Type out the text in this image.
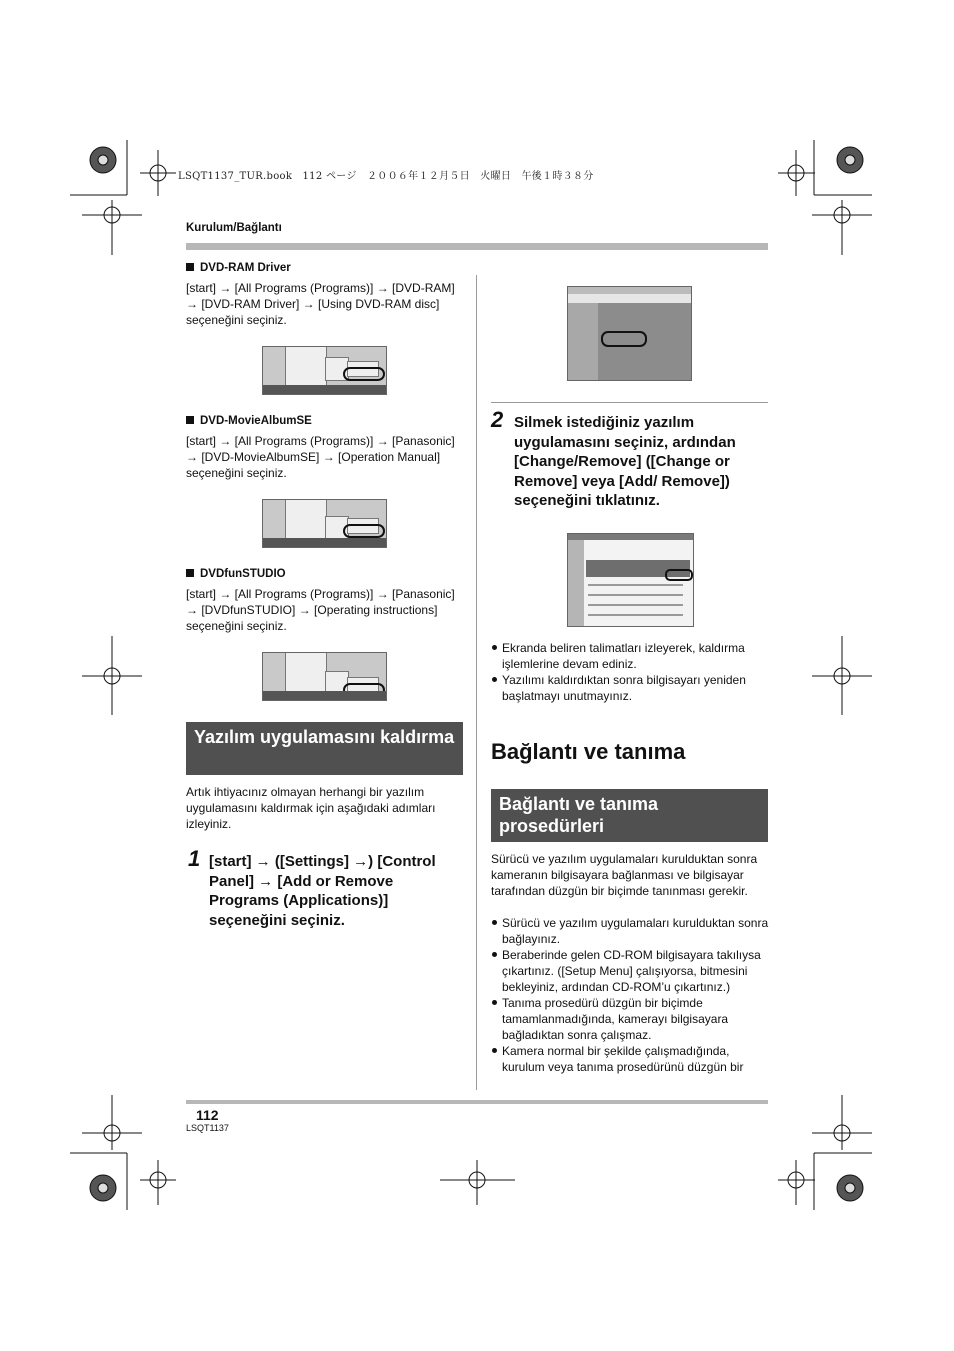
LSQT1137_TUR.book　112 ページ　２００６年１２月５日　火曜日　午後１時３８分
Kurulum/Bağlantı
DVD-RAM Driver
[start] → [All Programs (Programs)] → [DVD-RAM] → [DVD-RAM Driver] → [Using DVD-RAM disc] seçeneğini seçiniz.
DVD-MovieAlbumSE
[start] → [All Programs (Programs)] → [Panasonic] → [DVD-MovieAlbumSE] → [Operation Manual] seçeneğini seçiniz.
DVDfunSTUDIO
[start] → [All Programs (Programs)] → [Panasonic] → [DVDfunSTUDIO] → [Operating instructions] seçeneğini seçiniz.
Yazılım uygulamasını kaldırma
Artık ihtiyacınız olmayan herhangi bir yazılım uygulamasını kaldırmak için aşağıdaki adımları izleyiniz.
1 [start] → ([Settings] →) [Control Panel] → [Add or Remove Programs (Applications)] seçeneğini seçiniz.
2 Silmek istediğiniz yazılım uygulamasını seçiniz, ardından [Change/Remove] ([Change or Remove] veya [Add/ Remove]) seçeneğini tıklatınız.
Ekranda beliren talimatları izleyerek, kaldırma işlemlerine devam ediniz.
Yazılımı kaldırdıktan sonra bilgisayarı yeniden başlatmayı unutmayınız.
Bağlantı ve tanıma
Bağlantı ve tanıma prosedürleri
Sürücü ve yazılım uygulamaları kurulduktan sonra kameranın bilgisayara bağlanması ve bilgisayar tarafından düzgün bir biçimde tanınması gerekir.
Sürücü ve yazılım uygulamaları kurulduktan sonra bağlayınız.
Beraberinde gelen CD-ROM bilgisayara takılıysa çıkartınız. ([Setup Menu] çalışıyorsa, bitmesini bekleyiniz, ardından CD-ROM’u çıkartınız.)
Tanıma prosedürü düzgün bir biçimde tamamlanmadığında, kamerayı bilgisayara bağladıktan sonra çalışmaz.
Kamera normal bir şekilde çalışmadığında, kurulum veya tanıma prosedürünü düzgün bir
112
LSQT1137
